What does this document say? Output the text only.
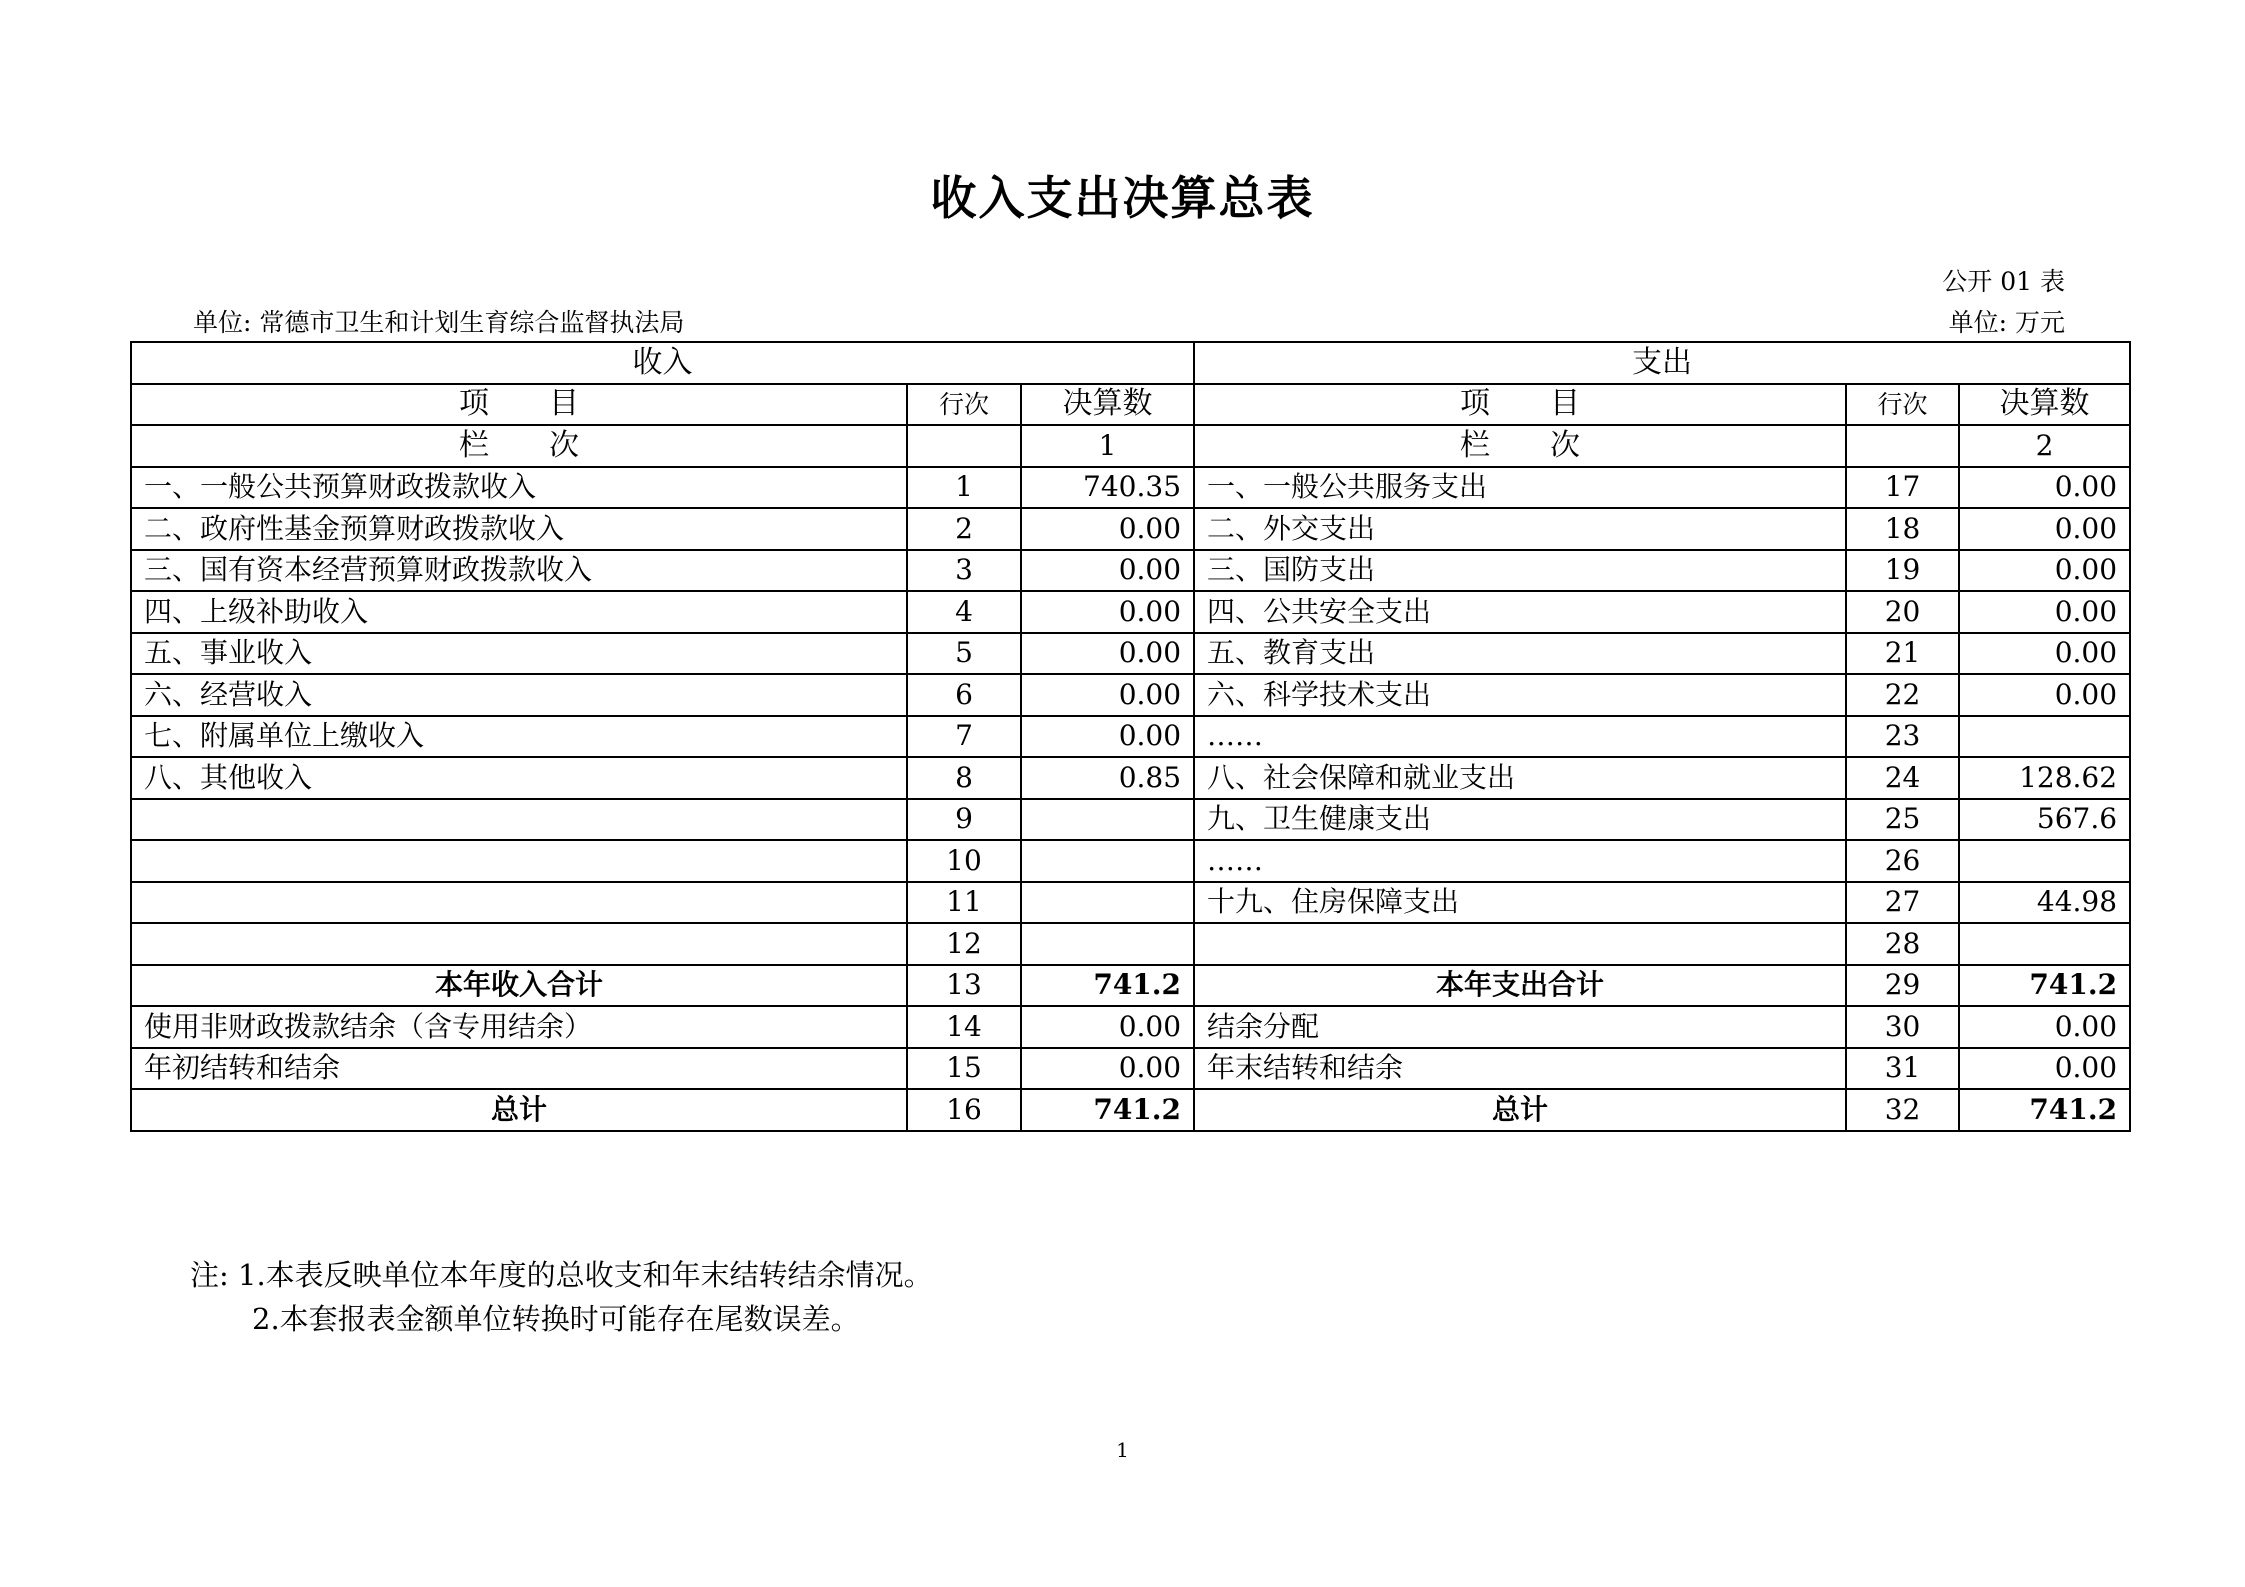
收入支出决算总表
公开 01 表
单位: 常德市卫生和计划生育综合监督执法局	单位: 万元
收入			支出		
项　　目	行次	决算数	项　　目	行次	决算数
栏　　次		1	栏　　次		2
一、一般公共预算财政拨款收入	1	740.35	一、一般公共服务支出	17	0.00
二、政府性基金预算财政拨款收入	2	0.00	二、外交支出	18	0.00
三、国有资本经营预算财政拨款收入	3	0.00	三、国防支出	19	0.00
四、上级补助收入	4	0.00	四、公共安全支出	20	0.00
五、事业收入	5	0.00	五、教育支出	21	0.00
六、经营收入	6	0.00	六、科学技术支出	22	0.00
七、附属单位上缴收入	7	0.00	……	23	
八、其他收入	8	0.85	八、社会保障和就业支出	24	128.62
	9		九、卫生健康支出	25	567.6
	10		……	26	
	11		十九、住房保障支出	27	44.98
	12			28	
本年收入合计	13	741.2	本年支出合计	29	741.2
使用非财政拨款结余（含专用结余）	14	0.00	结余分配	30	0.00
年初结转和结余	15	0.00	年末结转和结余	31	0.00
总计	16	741.2	总计	32	741.2
注: 1.本表反映单位本年度的总收支和年末结转结余情况。
2.本套报表金额单位转换时可能存在尾数误差。
1
